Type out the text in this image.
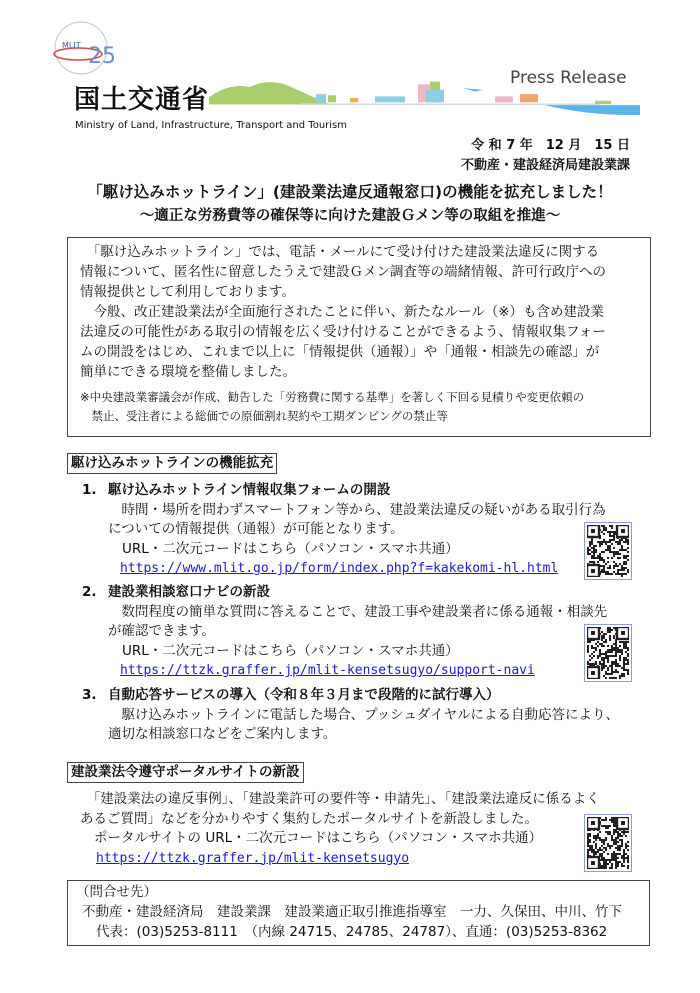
MLIT 25
国土交通省
Ministry of Land, Infrastructure, Transport and Tourism
Press Release
令 和 7 年　12 月　15 日
不動産・建設経済局建設業課
「駆け込みホットライン」(建設業法違反通報窓口)の機能を拡充しました！
～適正な労務費等の確保等に向けた建設Ｇメン等の取組を推進～
　「駆け込みホットライン」では、電話・メールにて受け付けた建設業法違反に関する
情報について、匿名性に留意したうえで建設Ｇメン調査等の端緒情報、許可行政庁への
情報提供として利用しております。
　今般、改正建設業法が全面施行されたことに伴い、新たなルール（※）も含め建設業
法違反の可能性がある取引の情報を広く受け付けることができるよう、情報収集フォー
ムの開設をはじめ、これまで以上に「情報提供（通報）」や「通報・相談先の確認」が
簡単にできる環境を整備しました。
※中央建設業審議会が作成、勧告した「労務費に関する基準」を著しく下回る見積りや変更依頼の
　禁止、受注者による総価での原価割れ契約や工期ダンピングの禁止等
駆け込みホットラインの機能拡充
1. 駆け込みホットライン情報収集フォームの開設
　時間・場所を問わずスマートフォン等から、建設業法違反の疑いがある取引行為
についての情報提供（通報）が可能となります。
URL・二次元コードはこちら（パソコン・スマホ共通）
https://www.mlit.go.jp/form/index.php?f=kakekomi-hl.html
2. 建設業相談窓口ナビの新設
　数問程度の簡単な質問に答えることで、建設工事や建設業者に係る通報・相談先
が確認できます。
URL・二次元コードはこちら（パソコン・スマホ共通）
https://ttzk.graffer.jp/mlit-kensetsugyo/support-navi
3. 自動応答サービスの導入（令和８年３月まで段階的に試行導入）
　駆け込みホットラインに電話した場合、プッシュダイヤルによる自動応答により、
適切な相談窓口などをご案内します。
建設業法令遵守ポータルサイトの新設
　「建設業法の違反事例」、「建設業許可の要件等・申請先」、「建設業法違反に係るよく
あるご質問」などを分かりやすく集約したポータルサイトを新設しました。
ポータルサイトの URL・二次元コードはこちら（パソコン・スマホ共通）
https://ttzk.graffer.jp/mlit-kensetsugyo
（問合せ先）
不動産・建設経済局　建設業課　建設業適正取引推進指導室　一力、久保田、中川、竹下
代表：(03)5253-8111　（内線 24715、24785、24787）、直通：(03)5253-8362
